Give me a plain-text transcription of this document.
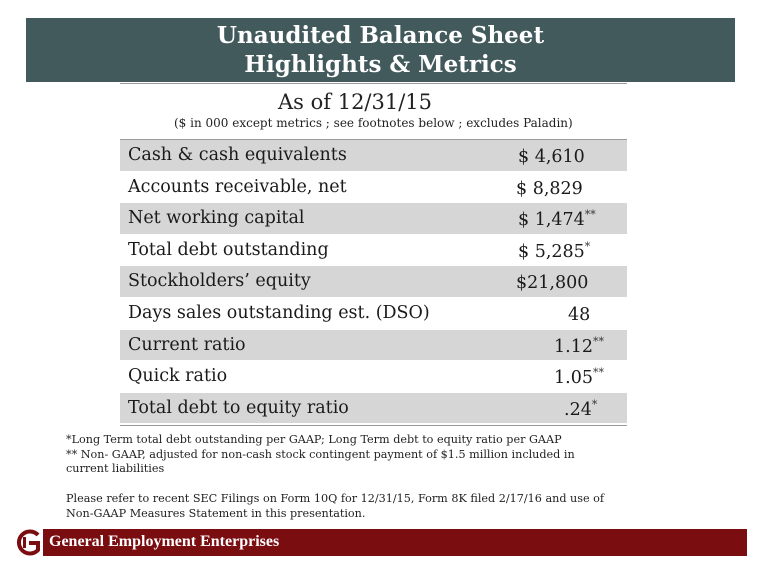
Unaudited Balance Sheet
Highlights & Metrics
As of 12/31/15
($ in 000 except metrics ; see footnotes below ; excludes Paladin)
Cash & cash equivalents	$ 4,610
Accounts receivable, net	$ 8,829
Net working capital	$ 1,474**
Total debt outstanding	$ 5,285*
Stockholders’ equity	$21,800
Days sales outstanding est. (DSO)	48
Current ratio	1.12**
Quick ratio	1.05**
Total debt to equity ratio	.24*
*Long Term total debt outstanding per GAAP; Long Term debt to equity ratio per GAAP
** Non- GAAP, adjusted for non-cash stock contingent payment of $1.5 million included in
current liabilities
Please refer to recent SEC Filings on Form 10Q for 12/31/15, Form 8K filed 2/17/16 and use of
Non-GAAP Measures Statement in this presentation.
General Employment Enterprises
